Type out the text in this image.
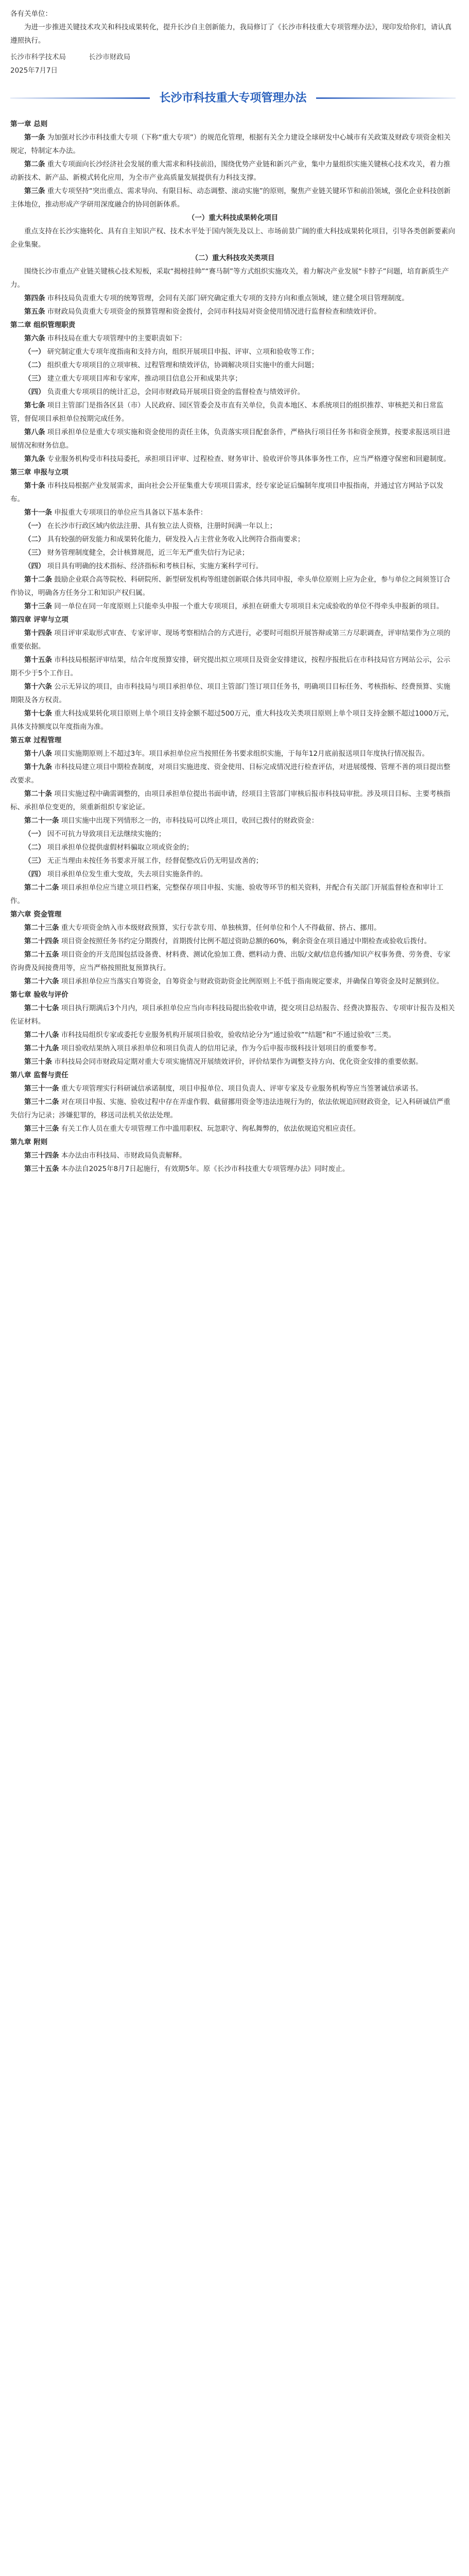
各有关单位：

为进一步推进关键技术攻关和科技成果转化，提升长沙自主创新能力，我局修订了《长沙市科技重大专项管理办法》，现印发给你们，请认真遵照执行。

长沙市科学技术局	长沙市财政局

2025年7月7日

长沙市科技重大专项管理办法

第一章 总则

第一条 为加强对长沙市科技重大专项（下称“重大专项”）的规范化管理，根据有关全力建设全球研发中心城市有关政策及财政专项资金相关规定，特制定本办法。

第二条 重大专项面向长沙经济社会发展的重大需求和科技前沿，围绕优势产业链和新兴产业，集中力量组织实施关键核心技术攻关，着力推动新技术、新产品、新模式转化应用，为全市产业高质量发展提供有力科技支撑。

第三条 重大专项坚持“突出重点、需求导向、有限目标、动态调整、滚动实施”的原则，聚焦产业链关键环节和前沿领域，强化企业科技创新主体地位，推动形成产学研用深度融合的协同创新体系。

（一）重大科技成果转化项目

重点支持在长沙实施转化、具有自主知识产权、技术水平处于国内领先及以上、市场前景广阔的重大科技成果转化项目，引导各类创新要素向企业集聚。

（二）重大科技攻关类项目

围绕长沙市重点产业链关键核心技术短板，采取“揭榜挂帅”“赛马制”等方式组织实施攻关，着力解决产业发展“卡脖子”问题，培育新质生产力。

第四条 市科技局负责重大专项的统筹管理，会同有关部门研究确定重大专项的支持方向和重点领域，建立健全项目管理制度。

第五条 市财政局负责重大专项资金的预算管理和资金拨付，会同市科技局对资金使用情况进行监督检查和绩效评价。

第二章 组织管理职责

第六条 市科技局在重大专项管理中的主要职责如下：

（一） 研究制定重大专项年度指南和支持方向，组织开展项目申报、评审、立项和验收等工作；

（二） 组织重大专项项目的立项审核、过程管理和绩效评估，协调解决项目实施中的重大问题；

（三） 建立重大专项项目库和专家库，推动项目信息公开和成果共享；

（四） 负责重大专项项目的统计汇总，会同市财政局开展项目资金的监督检查与绩效评价。

第七条 项目主管部门是指各区县（市）人民政府、园区管委会及市直有关单位，负责本地区、本系统项目的组织推荐、审核把关和日常监管，督促项目承担单位按期完成任务。

第八条 项目承担单位是重大专项实施和资金使用的责任主体，负责落实项目配套条件，严格执行项目任务书和资金预算，按要求报送项目进展情况和财务信息。

第九条 专业服务机构受市科技局委托，承担项目评审、过程检查、财务审计、验收评价等具体事务性工作，应当严格遵守保密和回避制度。

第三章 申报与立项

第十条 市科技局根据产业发展需求，面向社会公开征集重大专项项目需求，经专家论证后编制年度项目申报指南，并通过官方网站予以发布。

第十一条 申报重大专项项目的单位应当具备以下基本条件：

（一） 在长沙市行政区域内依法注册、具有独立法人资格，注册时间满一年以上；

（二） 具有较强的研发能力和成果转化能力，研发投入占主营业务收入比例符合指南要求；

（三） 财务管理制度健全，会计核算规范，近三年无严重失信行为记录；

（四） 项目具有明确的技术指标、经济指标和考核目标，实施方案科学可行。

第十二条 鼓励企业联合高等院校、科研院所、新型研发机构等组建创新联合体共同申报，牵头单位原则上应为企业，参与单位之间须签订合作协议，明确各方任务分工和知识产权归属。

第十三条 同一单位在同一年度原则上只能牵头申报一个重大专项项目，承担在研重大专项项目未完成验收的单位不得牵头申报新的项目。

第四章 评审与立项

第十四条 项目评审采取形式审查、专家评审、现场考察相结合的方式进行，必要时可组织开展答辩或第三方尽职调查，评审结果作为立项的重要依据。

第十五条 市科技局根据评审结果，结合年度预算安排，研究提出拟立项项目及资金安排建议，按程序报批后在市科技局官方网站公示，公示期不少于5个工作日。

第十六条 公示无异议的项目，由市科技局与项目承担单位、项目主管部门签订项目任务书，明确项目目标任务、考核指标、经费预算、实施期限及各方权责。

第十七条 重大科技成果转化项目原则上单个项目支持金额不超过500万元，重大科技攻关类项目原则上单个项目支持金额不超过1000万元，具体支持额度以年度指南为准。

第五章 过程管理

第十八条 项目实施期原则上不超过3年。项目承担单位应当按照任务书要求组织实施，于每年12月底前报送项目年度执行情况报告。

第十九条 市科技局建立项目中期检查制度，对项目实施进度、资金使用、目标完成情况进行检查评估，对进展缓慢、管理不善的项目提出整改要求。

第二十条 项目实施过程中确需调整的，由项目承担单位提出书面申请，经项目主管部门审核后报市科技局审批。涉及项目目标、主要考核指标、承担单位变更的，须重新组织专家论证。

第二十一条 项目实施中出现下列情形之一的，市科技局可以终止项目，收回已拨付的财政资金：

（一） 因不可抗力导致项目无法继续实施的；

（二） 项目承担单位提供虚假材料骗取立项或资金的；

（三） 无正当理由未按任务书要求开展工作，经督促整改后仍无明显改善的；

（四） 项目承担单位发生重大变故，失去项目实施条件的。

第二十二条 项目承担单位应当建立项目档案，完整保存项目申报、实施、验收等环节的相关资料，并配合有关部门开展监督检查和审计工作。

第六章 资金管理

第二十三条 重大专项资金纳入市本级财政预算，实行专款专用、单独核算，任何单位和个人不得截留、挤占、挪用。

第二十四条 项目资金按照任务书约定分期拨付，首期拨付比例不超过资助总额的60%，剩余资金在项目通过中期检查或验收后拨付。

第二十五条 项目资金的开支范围包括设备费、材料费、测试化验加工费、燃料动力费、出版/文献/信息传播/知识产权事务费、劳务费、专家咨询费及间接费用等，应当严格按照批复预算执行。

第二十六条 项目承担单位应当落实自筹资金，自筹资金与财政资助资金比例原则上不低于指南规定要求，并确保自筹资金及时足额到位。

第七章 验收与评价

第二十七条 项目执行期满后3个月内，项目承担单位应当向市科技局提出验收申请，提交项目总结报告、经费决算报告、专项审计报告及相关佐证材料。

第二十八条 市科技局组织专家或委托专业服务机构开展项目验收，验收结论分为“通过验收”“结题”和“不通过验收”三类。

第二十九条 项目验收结果纳入项目承担单位和项目负责人的信用记录，作为今后申报市级科技计划项目的重要参考。

第三十条 市科技局会同市财政局定期对重大专项实施情况开展绩效评价，评价结果作为调整支持方向、优化资金安排的重要依据。

第八章 监督与责任

第三十一条 重大专项管理实行科研诚信承诺制度，项目申报单位、项目负责人、评审专家及专业服务机构等应当签署诚信承诺书。

第三十二条 对在项目申报、实施、验收过程中存在弄虚作假、截留挪用资金等违法违规行为的，依法依规追回财政资金，记入科研诚信严重失信行为记录；涉嫌犯罪的，移送司法机关依法处理。

第三十三条 有关工作人员在重大专项管理工作中滥用职权、玩忽职守、徇私舞弊的，依法依规追究相应责任。

第九章 附则

第三十四条 本办法由市科技局、市财政局负责解释。

第三十五条 本办法自2025年8月7日起施行，有效期5年。原《长沙市科技重大专项管理办法》同时废止。
